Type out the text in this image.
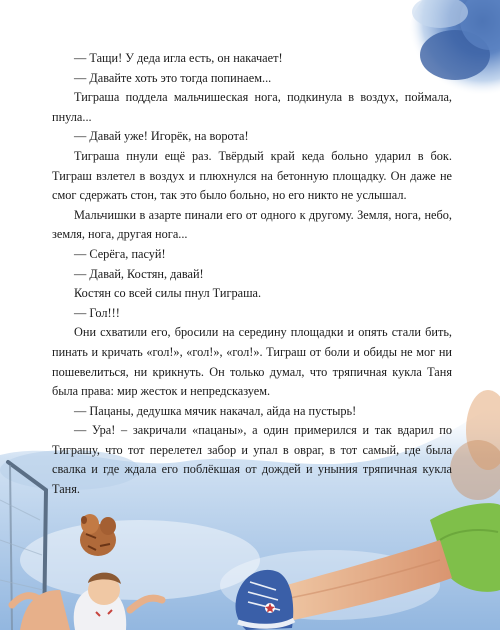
— Тащи! У деда игла есть, он накачает!

— Давайте хоть это тогда попинаем...

Тиграша поддела мальчишеская нога, подкинула в воздух, поймала, пнула...

— Давай уже! Игорёк, на ворота!

Тиграша пнули ещё раз. Твёрдый край кеда больно ударил в бок. Тиграш взлетел в воздух и плюхнулся на бетонную площадку. Он даже не смог сдержать стон, так это было больно, но его никто не услышал.

Мальчишки в азарте пинали его от одного к другому. Земля, нога, небо, земля, нога, другая нога...

— Серёга, пасуй!

— Давай, Костян, давай!

Костян со всей силы пнул Тиграша.

— Гол!!!

Они схватили его, бросили на середину площадки и опять стали бить, пинать и кричать «гол!», «гол!», «гол!». Тиграш от боли и обиды не мог ни пошевелиться, ни крикнуть. Он только думал, что тряпичная кукла Таня была права: мир жесток и непредсказуем.

— Пацаны, дедушка мячик накачал, айда на пустырь!

— Ура! – закричали «пацаны», а один примерился и так вдарил по Тиграшу, что тот перелетел забор и упал в овраг, в тот самый, где была свалка и где ждала его поблёкшая от дождей и уныния тряпичная кукла Таня.
